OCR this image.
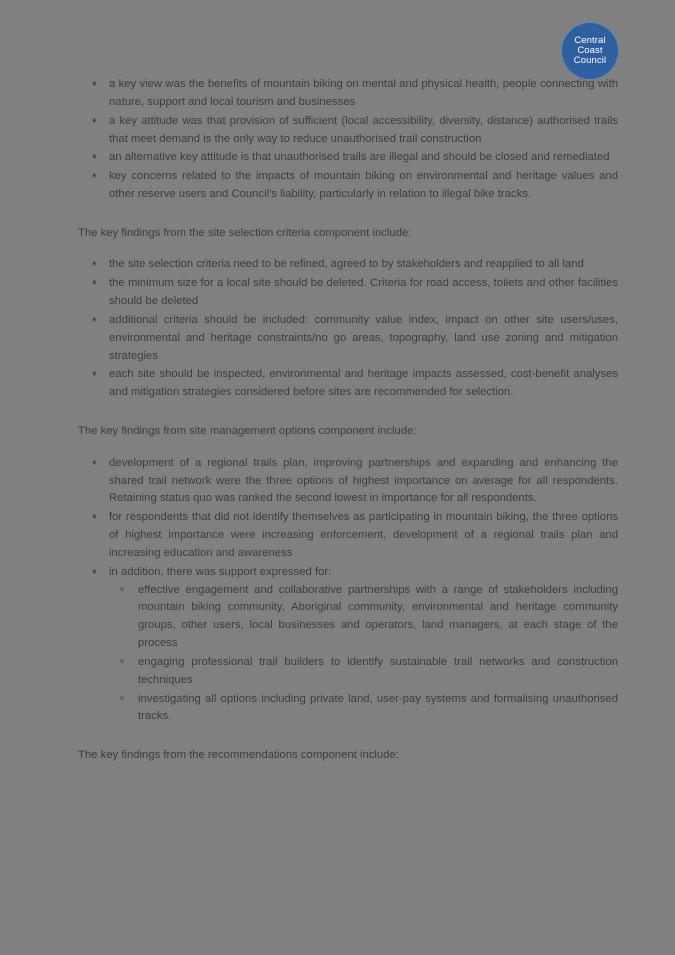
Central
Coast
Council
♦ a key view was the benefits of mountain biking on mental and physical health, people connecting with nature, support and local tourism and businesses
♦ a key attitude was that provision of sufficient (local accessibility, diversity, distance) authorised trails that meet demand is the only way to reduce unauthorised trail construction
♦ an alternative key attitude is that unauthorised trails are illegal and should be closed and remediated
♦ key concerns related to the impacts of mountain biking on environmental and heritage values and other reserve users and Council's liability, particularly in relation to illegal bike tracks.

The key findings from the site selection criteria component include:

♦ the site selection criteria need to be refined, agreed to by stakeholders and reapplied to all land
♦ the minimum size for a local site should be deleted. Criteria for road access, toilets and other facilities should be deleted
♦ additional criteria should be included: community value index, impact on other site users/uses, environmental and heritage constraints/no go areas, topography, land use zoning and mitigation strategies
♦ each site should be inspected, environmental and heritage impacts assessed, cost-benefit analyses and mitigation strategies considered before sites are recommended for selection.

The key findings from site management options component include:

♦ development of a regional trails plan, improving partnerships and expanding and enhancing the shared trail network were the three options of highest importance on average for all respondents. Retaining status quo was ranked the second lowest in importance for all respondents.
♦ for respondents that did not identify themselves as participating in mountain biking, the three options of highest importance were increasing enforcement, development of a regional trails plan and increasing education and awareness
♦ in addition, there was support expressed for:
× effective engagement and collaborative partnerships with a range of stakeholders including mountain biking community, Aboriginal community, environmental and heritage community groups, other users, local businesses and operators, land managers, at each stage of the process
× engaging professional trail builders to identify sustainable trail networks and construction techniques
× investigating all options including private land, user-pay systems and formalising unauthorised tracks.

The key findings from the recommendations component include:
